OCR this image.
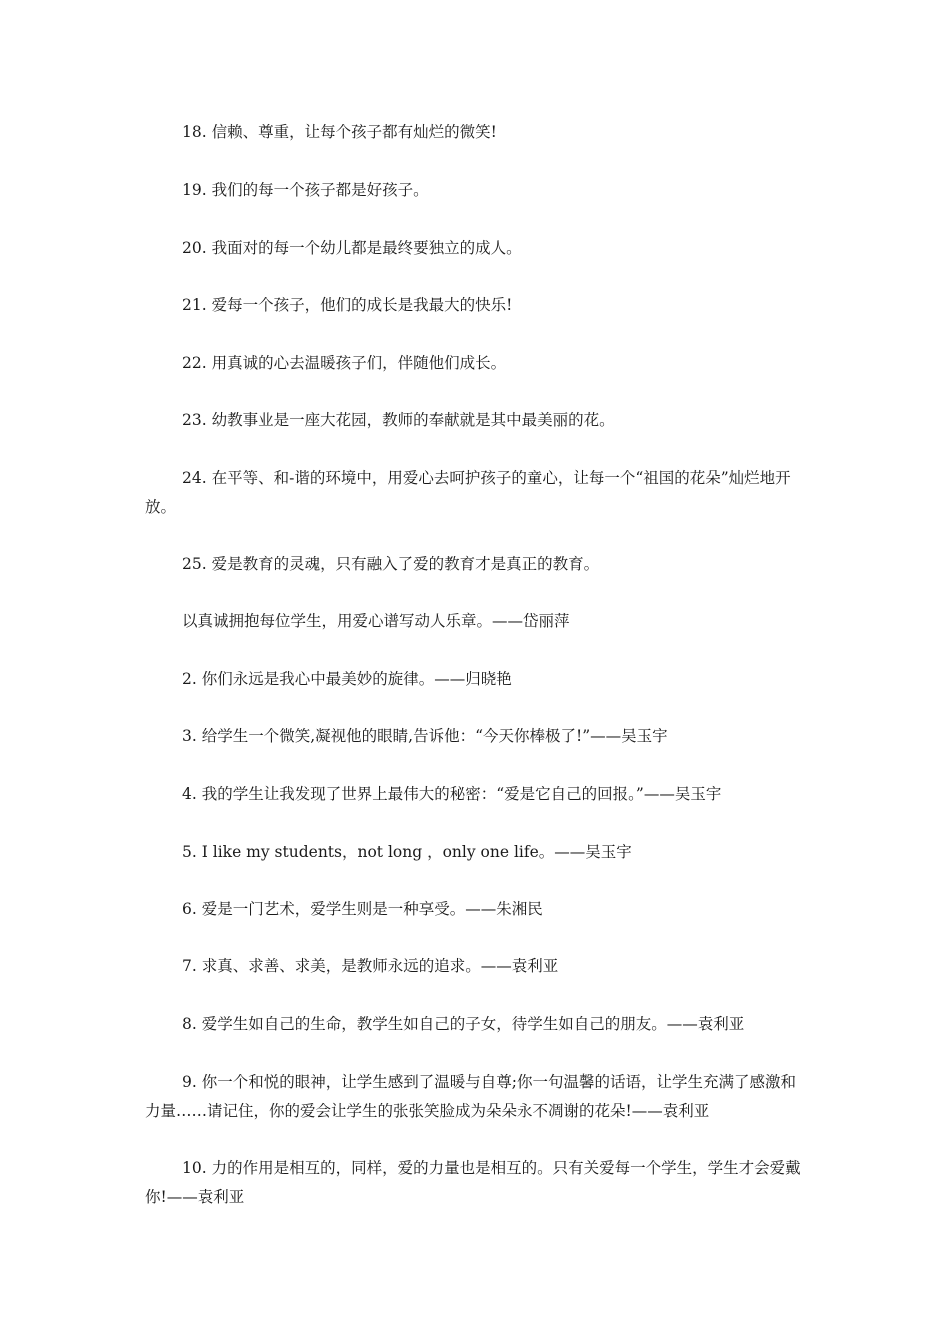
18. 信赖、尊重，让每个孩子都有灿烂的微笑!

19. 我们的每一个孩子都是好孩子。

20. 我面对的每一个幼儿都是最终要独立的成人。

21. 爱每一个孩子，他们的成长是我最大的快乐!

22. 用真诚的心去温暖孩子们，伴随他们成长。

23. 幼教事业是一座大花园，教师的奉献就是其中最美丽的花。

24. 在平等、和-谐的环境中，用爱心去呵护孩子的童心，让每一个“祖国的花朵”灿烂地开放。

25. 爱是教育的灵魂，只有融入了爱的教育才是真正的教育。

以真诚拥抱每位学生，用爱心谱写动人乐章。——岱丽萍

2. 你们永远是我心中最美妙的旋律。——归晓艳

3. 给学生一个微笑,凝视他的眼睛,告诉他：“今天你棒极了!”——吴玉宇

4. 我的学生让我发现了世界上最伟大的秘密：“爱是它自己的回报。”——吴玉宇

5. I like my students，not long ，only one life。——吴玉宇

6. 爱是一门艺术，爱学生则是一种享受。——朱湘民

7. 求真、求善、求美，是教师永远的追求。——袁利亚

8. 爱学生如自己的生命，教学生如自己的子女，待学生如自己的朋友。——袁利亚

9. 你一个和悦的眼神，让学生感到了温暖与自尊;你一句温馨的话语，让学生充满了感激和力量……请记住，你的爱会让学生的张张笑脸成为朵朵永不凋谢的花朵!——袁利亚

10. 力的作用是相互的，同样，爱的力量也是相互的。只有关爱每一个学生，学生才会爱戴你!——袁利亚
